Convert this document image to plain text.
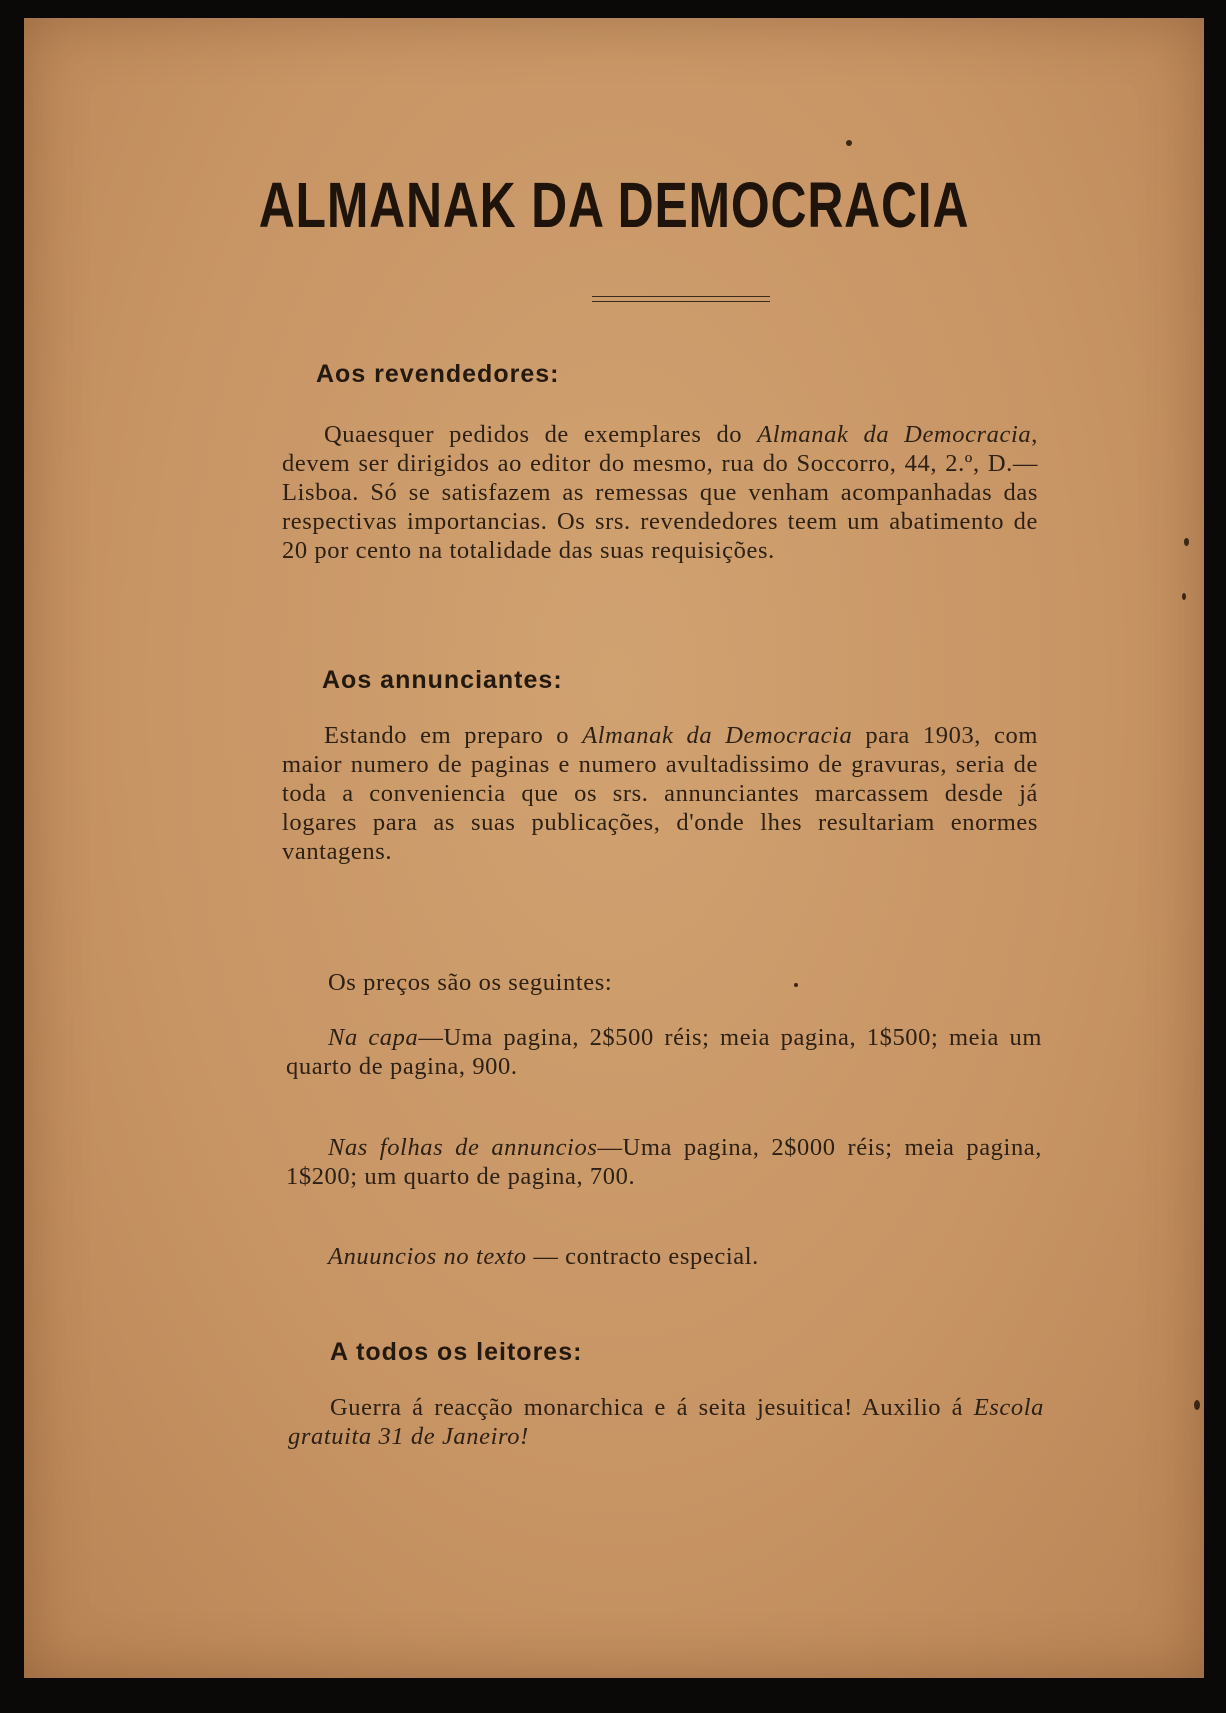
ALMANAK DA DEMOCRACIA
Aos revendedores:
Quaesquer pedidos de exemplares do Almanak da Democracia, devem ser dirigidos ao editor do mesmo, rua do Soccorro, 44, 2.º, D.—Lisboa. Só se satisfazem as remessas que venham acompanhadas das respectivas importancias. Os srs. revendedores teem um abatimento de 20 por cento na totalidade das suas requisições.
Aos annunciantes:
Estando em preparo o Almanak da Democracia para 1903, com maior numero de paginas e numero avultadissimo de gravuras, seria de toda a conveniencia que os srs. annunciantes marcassem desde já logares para as suas publicações, d'onde lhes resultariam enormes vantagens.
Os preços são os seguintes:
Na capa—Uma pagina, 2$500 réis; meia pagina, 1$500; meia um quarto de pagina, 900.
Nas folhas de annuncios—Uma pagina, 2$000 réis; meia pagina, 1$200; um quarto de pagina, 700.
Anuuncios no texto — contracto especial.
A todos os leitores:
Guerra á reacção monarchica e á seita jesuitica! Auxilio á Escola gratuita 31 de Janeiro!
